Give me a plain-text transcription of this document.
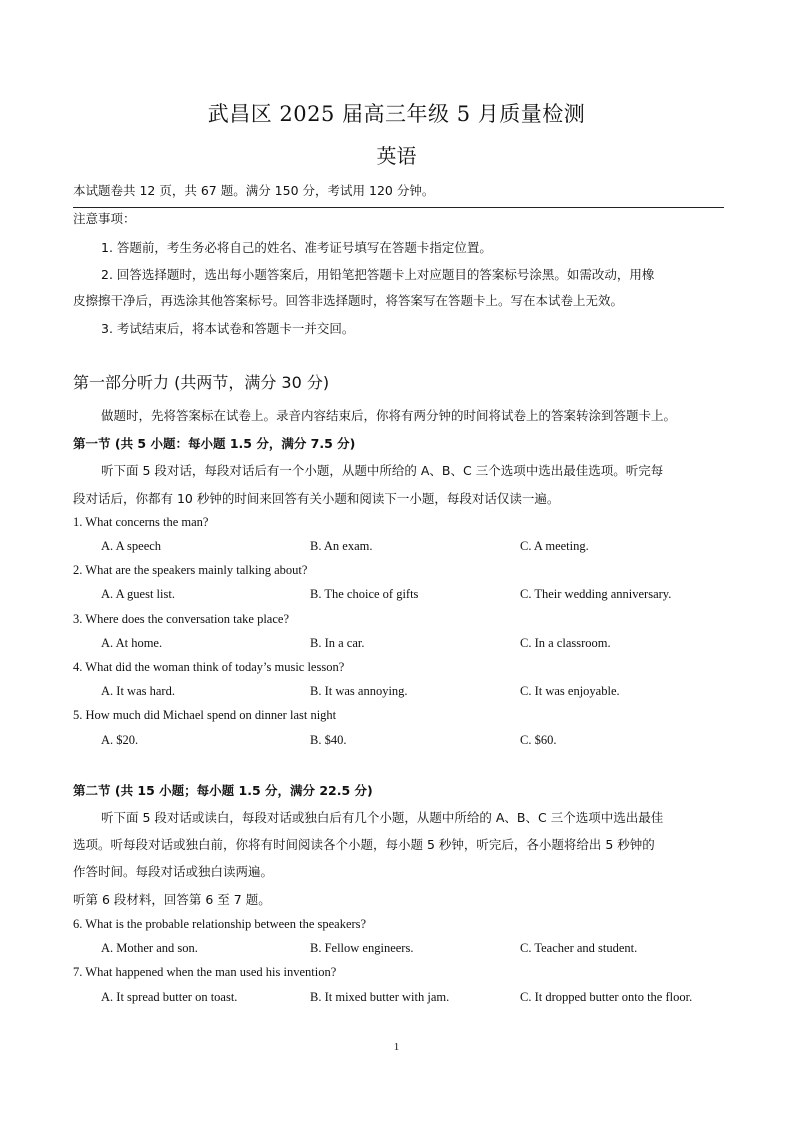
武昌区 2025 届高三年级 5 月质量检测
英语
本试题卷共 12 页，共 67 题。满分 150 分，考试用 120 分钟。
注意事项：
1. 答题前，考生务必将自己的姓名、准考证号填写在答题卡指定位置。
2. 回答选择题时，选出每小题答案后，用铅笔把答题卡上对应题目的答案标号涂黑。如需改动，用橡
皮擦擦干净后，再选涂其他答案标号。回答非选择题时，将答案写在答题卡上。写在本试卷上无效。
3. 考试结束后，将本试卷和答题卡一并交回。
第一部分听力 (共两节，满分 30 分)
做题时，先将答案标在试卷上。录音内容结束后，你将有两分钟的时间将试卷上的答案转涂到答题卡上。
第一节 (共 5 小题：每小题 1.5 分，满分 7.5 分)
听下面 5 段对话，每段对话后有一个小题，从题中所给的 A、B、C 三个选项中选出最佳选项。听完每
段对话后，你都有 10 秒钟的时间来回答有关小题和阅读下一小题，每段对话仅读一遍。
1. What concerns the man?
A. A speech	B. An exam.	C. A meeting.
2. What are the speakers mainly talking about?
A. A guest list.	B. The choice of gifts	C. Their wedding anniversary.
3. Where does the conversation take place?
A. At home.	B. In a car.	C. In a classroom.
4. What did the woman think of today’s music lesson?
A. It was hard.	B. It was annoying.	C. It was enjoyable.
5. How much did Michael spend on dinner last night
A. $20.	B. $40.	C. $60.
第二节 (共 15 小题；每小题 1.5 分，满分 22.5 分)
听下面 5 段对话或读白，每段对话或独白后有几个小题，从题中所给的 A、B、C 三个选项中选出最佳
选项。听每段对话或独白前，你将有时间阅读各个小题，每小题 5 秒钟，听完后，各小题将给出 5 秒钟的
作答时间。每段对话或独白读两遍。
听第 6 段材料，回答第 6 至 7 题。
6. What is the probable relationship between the speakers?
A. Mother and son.	B. Fellow engineers.	C. Teacher and student.
7. What happened when the man used his invention?
A. It spread butter on toast.	B. It mixed butter with jam.	C. It dropped butter onto the floor.
1
